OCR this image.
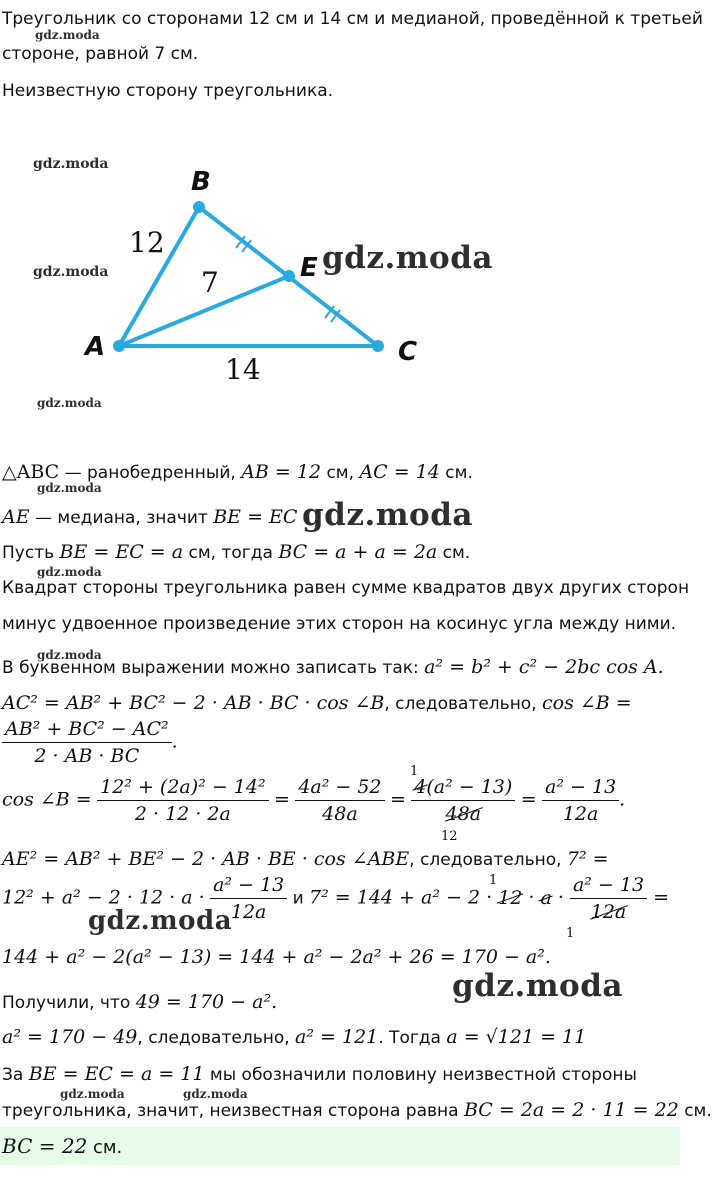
Треугольник со сторонами 12 см и 14 см и медианой, проведённой к третьей
стороне, равной 7 см.
Неизвестную сторону треугольника.
A
B
C
E
12
7
14
gdz.moda
gdz.moda
gdz.moda	gdz.moda
gdz.moda
gdz.moda
gdz.moda
gdz.moda
gdz.moda
gdz.moda
gdz.moda
gdz.moda	gdz.moda
△ABC — ранобедренный, AB = 12 см, AC = 14 см.
AE — медиана, значит BE = EC
Пусть BE = EC = a см, тогда BC = a + a = 2a см.
Квадрат стороны треугольника равен сумме квадратов двух других сторон
минус удвоенное произведение этих сторон на косинус угла между ними.
В буквенном выражении можно записать так: a² = b² + c² − 2bc cos A.
AC² = AB² + BC² − 2 · AB · BC · cos ∠B, следовательно, cos ∠B =
$\frac{\text{AB² + BC² − AC²}}{2 \cdot AB \cdot BC}$ .
cos ∠B = $\frac{\text{12² + (2a)² − 14²}}{2 \cdot 12 \cdot 2a} = \frac{\text{4a² − 52}}{48a} = \frac{\text{4(a² − 13)}}{48a} = \frac{\text{a² − 13}}{12a}$ .
1
12
AE² = AB² + BE² − 2 · AB · BE · cos ∠ABE, следовательно, 7² =
$12^2 + a^2 - 2 \cdot 12 \cdot a \cdot \frac{\text{a² − 13}}{12a}$ и $7^2 = 144 + a^2 - 2 \cdot 12 \cdot a \cdot \frac{\text{a² − 13}}{12a}$ =
1
1
144 + a² − 2(a² − 13) = 144 + a² − 2a² + 26 = 170 − a².
Получили, что 49 = 170 − a².
a² = 170 − 49, следовательно, a² = 121. Тогда a = √121 = 11
За BE = EC = a = 11 мы обозначили половину неизвестной стороны
треугольника, значит, неизвестная сторона равна BC = 2a = 2 · 11 = 22 см.
BC = 22 см.
